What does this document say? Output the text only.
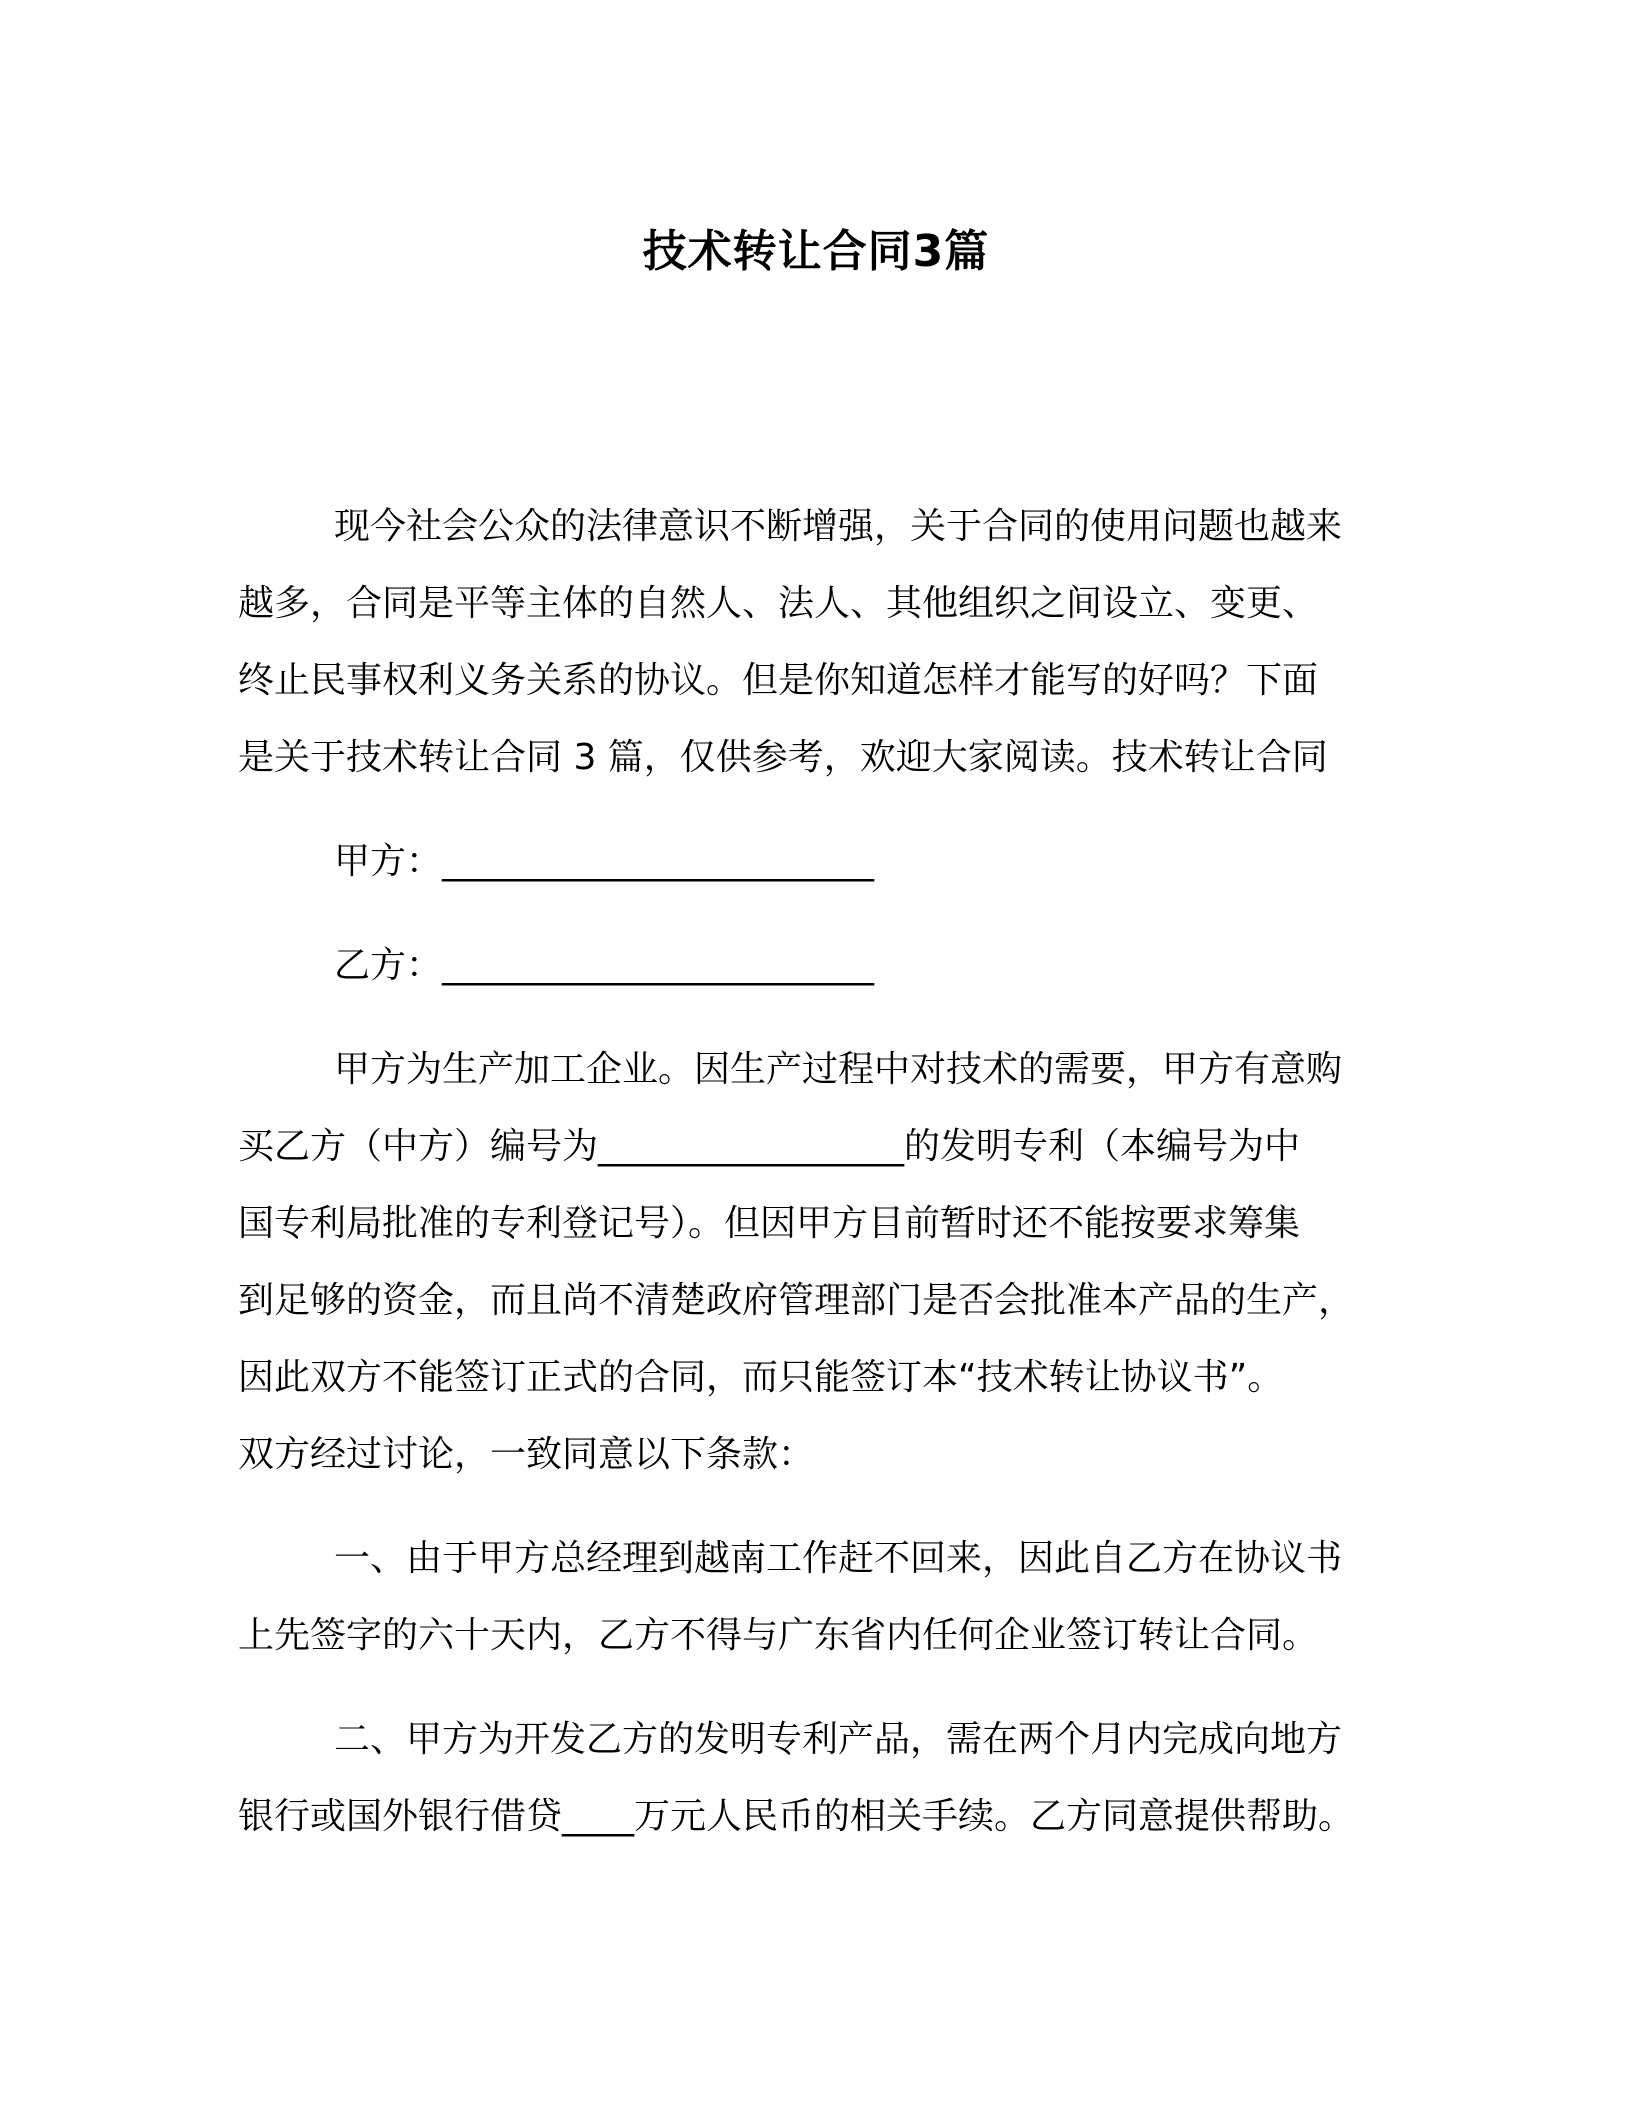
技术转让合同3篇

现今社会公众的法律意识不断增强，关于合同的使用问题也越来
越多，合同是平等主体的自然人、法人、其他组织之间设立、变更、
终止民事权利义务关系的协议。但是你知道怎样才能写的好吗？下面
是关于技术转让合同 3 篇，仅供参考，欢迎大家阅读。技术转让合同

甲方：________________________

乙方：________________________

甲方为生产加工企业。因生产过程中对技术的需要，甲方有意购
买乙方（中方）编号为_________________的发明专利（本编号为中
国专利局批准的专利登记号）。但因甲方目前暂时还不能按要求筹集
到足够的资金，而且尚不清楚政府管理部门是否会批准本产品的生产，
因此双方不能签订正式的合同，而只能签订本“技术转让协议书”。
双方经过讨论，一致同意以下条款：

一、由于甲方总经理到越南工作赶不回来，因此自乙方在协议书
上先签字的六十天内，乙方不得与广东省内任何企业签订转让合同。

二、甲方为开发乙方的发明专利产品，需在两个月内完成向地方
银行或国外银行借贷____万元人民币的相关手续。乙方同意提供帮助。
